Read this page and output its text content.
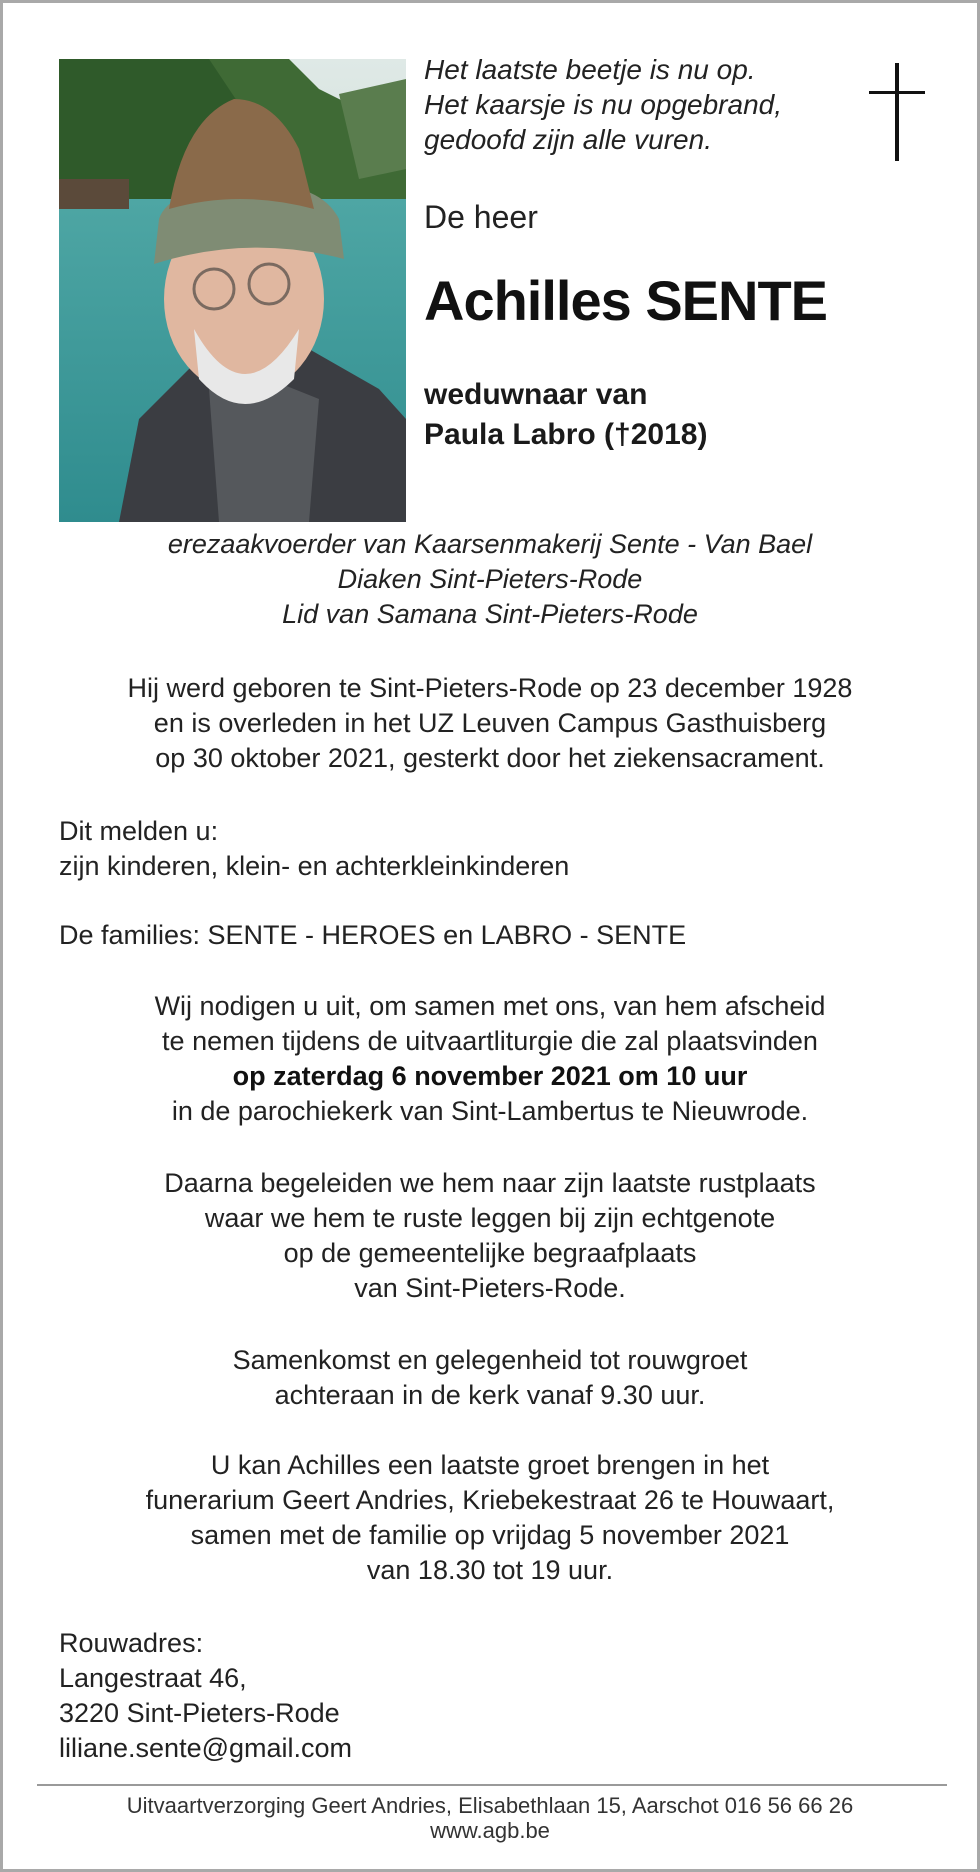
Het laatste beetje is nu op.
Het kaarsje is nu opgebrand,
gedoofd zijn alle vuren.
De heer
Achilles SENTE
weduwnaar van
Paula Labro (†2018)
erezaakvoerder van Kaarsenmakerij Sente - Van Bael
Diaken Sint-Pieters-Rode
Lid van Samana Sint-Pieters-Rode
Hij werd geboren te Sint-Pieters-Rode op 23 december 1928
en is overleden in het UZ Leuven Campus Gasthuisberg
op 30 oktober 2021, gesterkt door het ziekensacrament.
Dit melden u:
zijn kinderen, klein- en achterkleinkinderen
De families: SENTE - HEROES en LABRO - SENTE
Wij nodigen u uit, om samen met ons, van hem afscheid
te nemen tijdens de uitvaartliturgie die zal plaatsvinden
op zaterdag 6 november 2021 om 10 uur
in de parochiekerk van Sint-Lambertus te Nieuwrode.
Daarna begeleiden we hem naar zijn laatste rustplaats
waar we hem te ruste leggen bij zijn echtgenote
op de gemeentelijke begraafplaats
van Sint-Pieters-Rode.
Samenkomst en gelegenheid tot rouwgroet
achteraan in de kerk vanaf 9.30 uur.
U kan Achilles een laatste groet brengen in het
funerarium Geert Andries, Kriebekestraat 26 te Houwaart,
samen met de familie op vrijdag 5 november 2021
van 18.30 tot 19 uur.
Rouwadres:
Langestraat 46,
3220 Sint-Pieters-Rode
liliane.sente@gmail.com
Uitvaartverzorging Geert Andries, Elisabethlaan 15, Aarschot 016 56 66 26
www.agb.be
